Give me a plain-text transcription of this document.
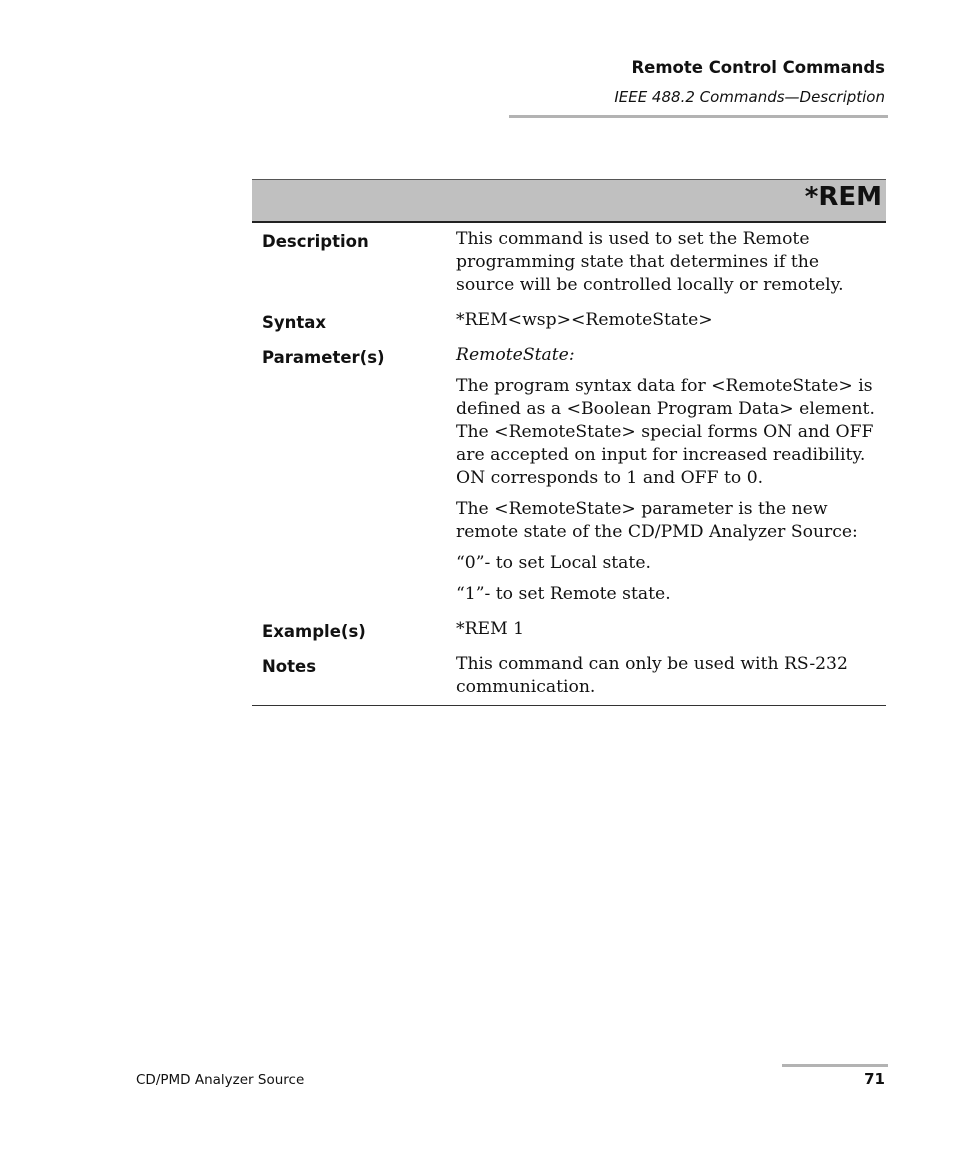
Remote Control Commands
IEEE 488.2 Commands—Description
*REM
Description	This command is used to set the Remote programming state that determines if the source will be controlled locally or remotely.

Syntax	*REM<wsp><RemoteState>

Parameter(s)	RemoteState:

The program syntax data for <RemoteState> is defined as a <Boolean Program Data> element. The <RemoteState> special forms ON and OFF are accepted on input for increased readibility. ON corresponds to 1 and OFF to 0.

The <RemoteState> parameter is the new remote state of the CD/PMD Analyzer Source:

“0”- to set Local state.

“1”- to set Remote state.

Example(s)	*REM 1

Notes	This command can only be used with RS-232 communication.

CD/PMD Analyzer Source	71
